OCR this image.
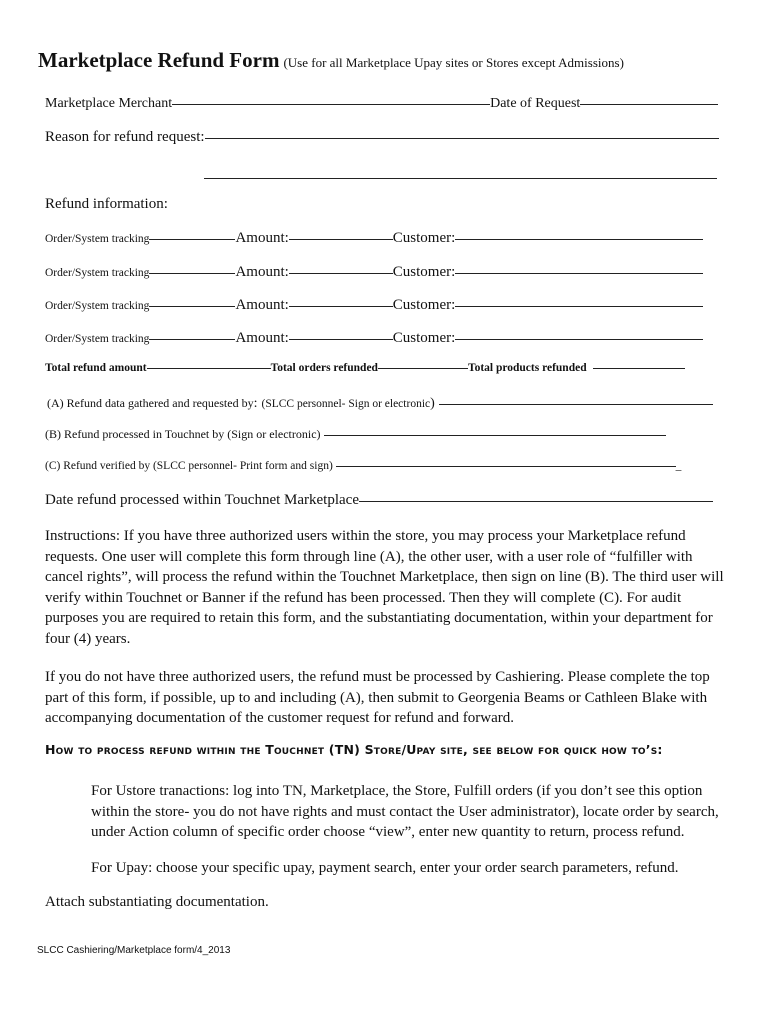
Marketplace Refund Form (Use for all Marketplace Upay sites or Stores except Admissions)
Marketplace Merchant	Date of Request
Reason for refund request:
Refund information:
Order/System tracking	Amount:	Customer:
Order/System tracking	Amount:	Customer:
Order/System tracking	Amount:	Customer:
Order/System tracking	Amount:	Customer:
Total refund amount	Total orders refunded	Total products refunded
(A) Refund data gathered and requested by: (SLCC personnel- Sign or electronic)
(B) Refund processed in Touchnet by (Sign or electronic)
(C) Refund verified by (SLCC personnel- Print form and sign)	_
Date refund processed within Touchnet Marketplace
Instructions: If you have three authorized users within the store, you may process your Marketplace refund requests. One user will complete this form through line (A), the other user, with a user role of “fulfiller with cancel rights”, will process the refund within the Touchnet Marketplace, then sign on line (B). The third user will verify within Touchnet or Banner if the refund has been processed. Then they will complete (C). For audit purposes you are required to retain this form, and the substantiating documentation, within your department for four (4) years.
If you do not have three authorized users, the refund must be processed by Cashiering. Please complete the top part of this form, if possible, up to and including (A), then submit to Georgenia Beams or Cathleen Blake with accompanying documentation of the customer request for refund and forward.
How to process refund within the Touchnet (TN) Store/Upay site, see below for quick how to’s:
For Ustore tranactions: log into TN, Marketplace, the Store, Fulfill orders (if you don’t see this option within the store- you do not have rights and must contact the User administrator), locate order by search, under Action column of specific order choose “view”, enter new quantity to return, process refund.
For Upay: choose your specific upay, payment search, enter your order search parameters, refund.
Attach substantiating documentation.
SLCC Cashiering/Marketplace form/4_2013
